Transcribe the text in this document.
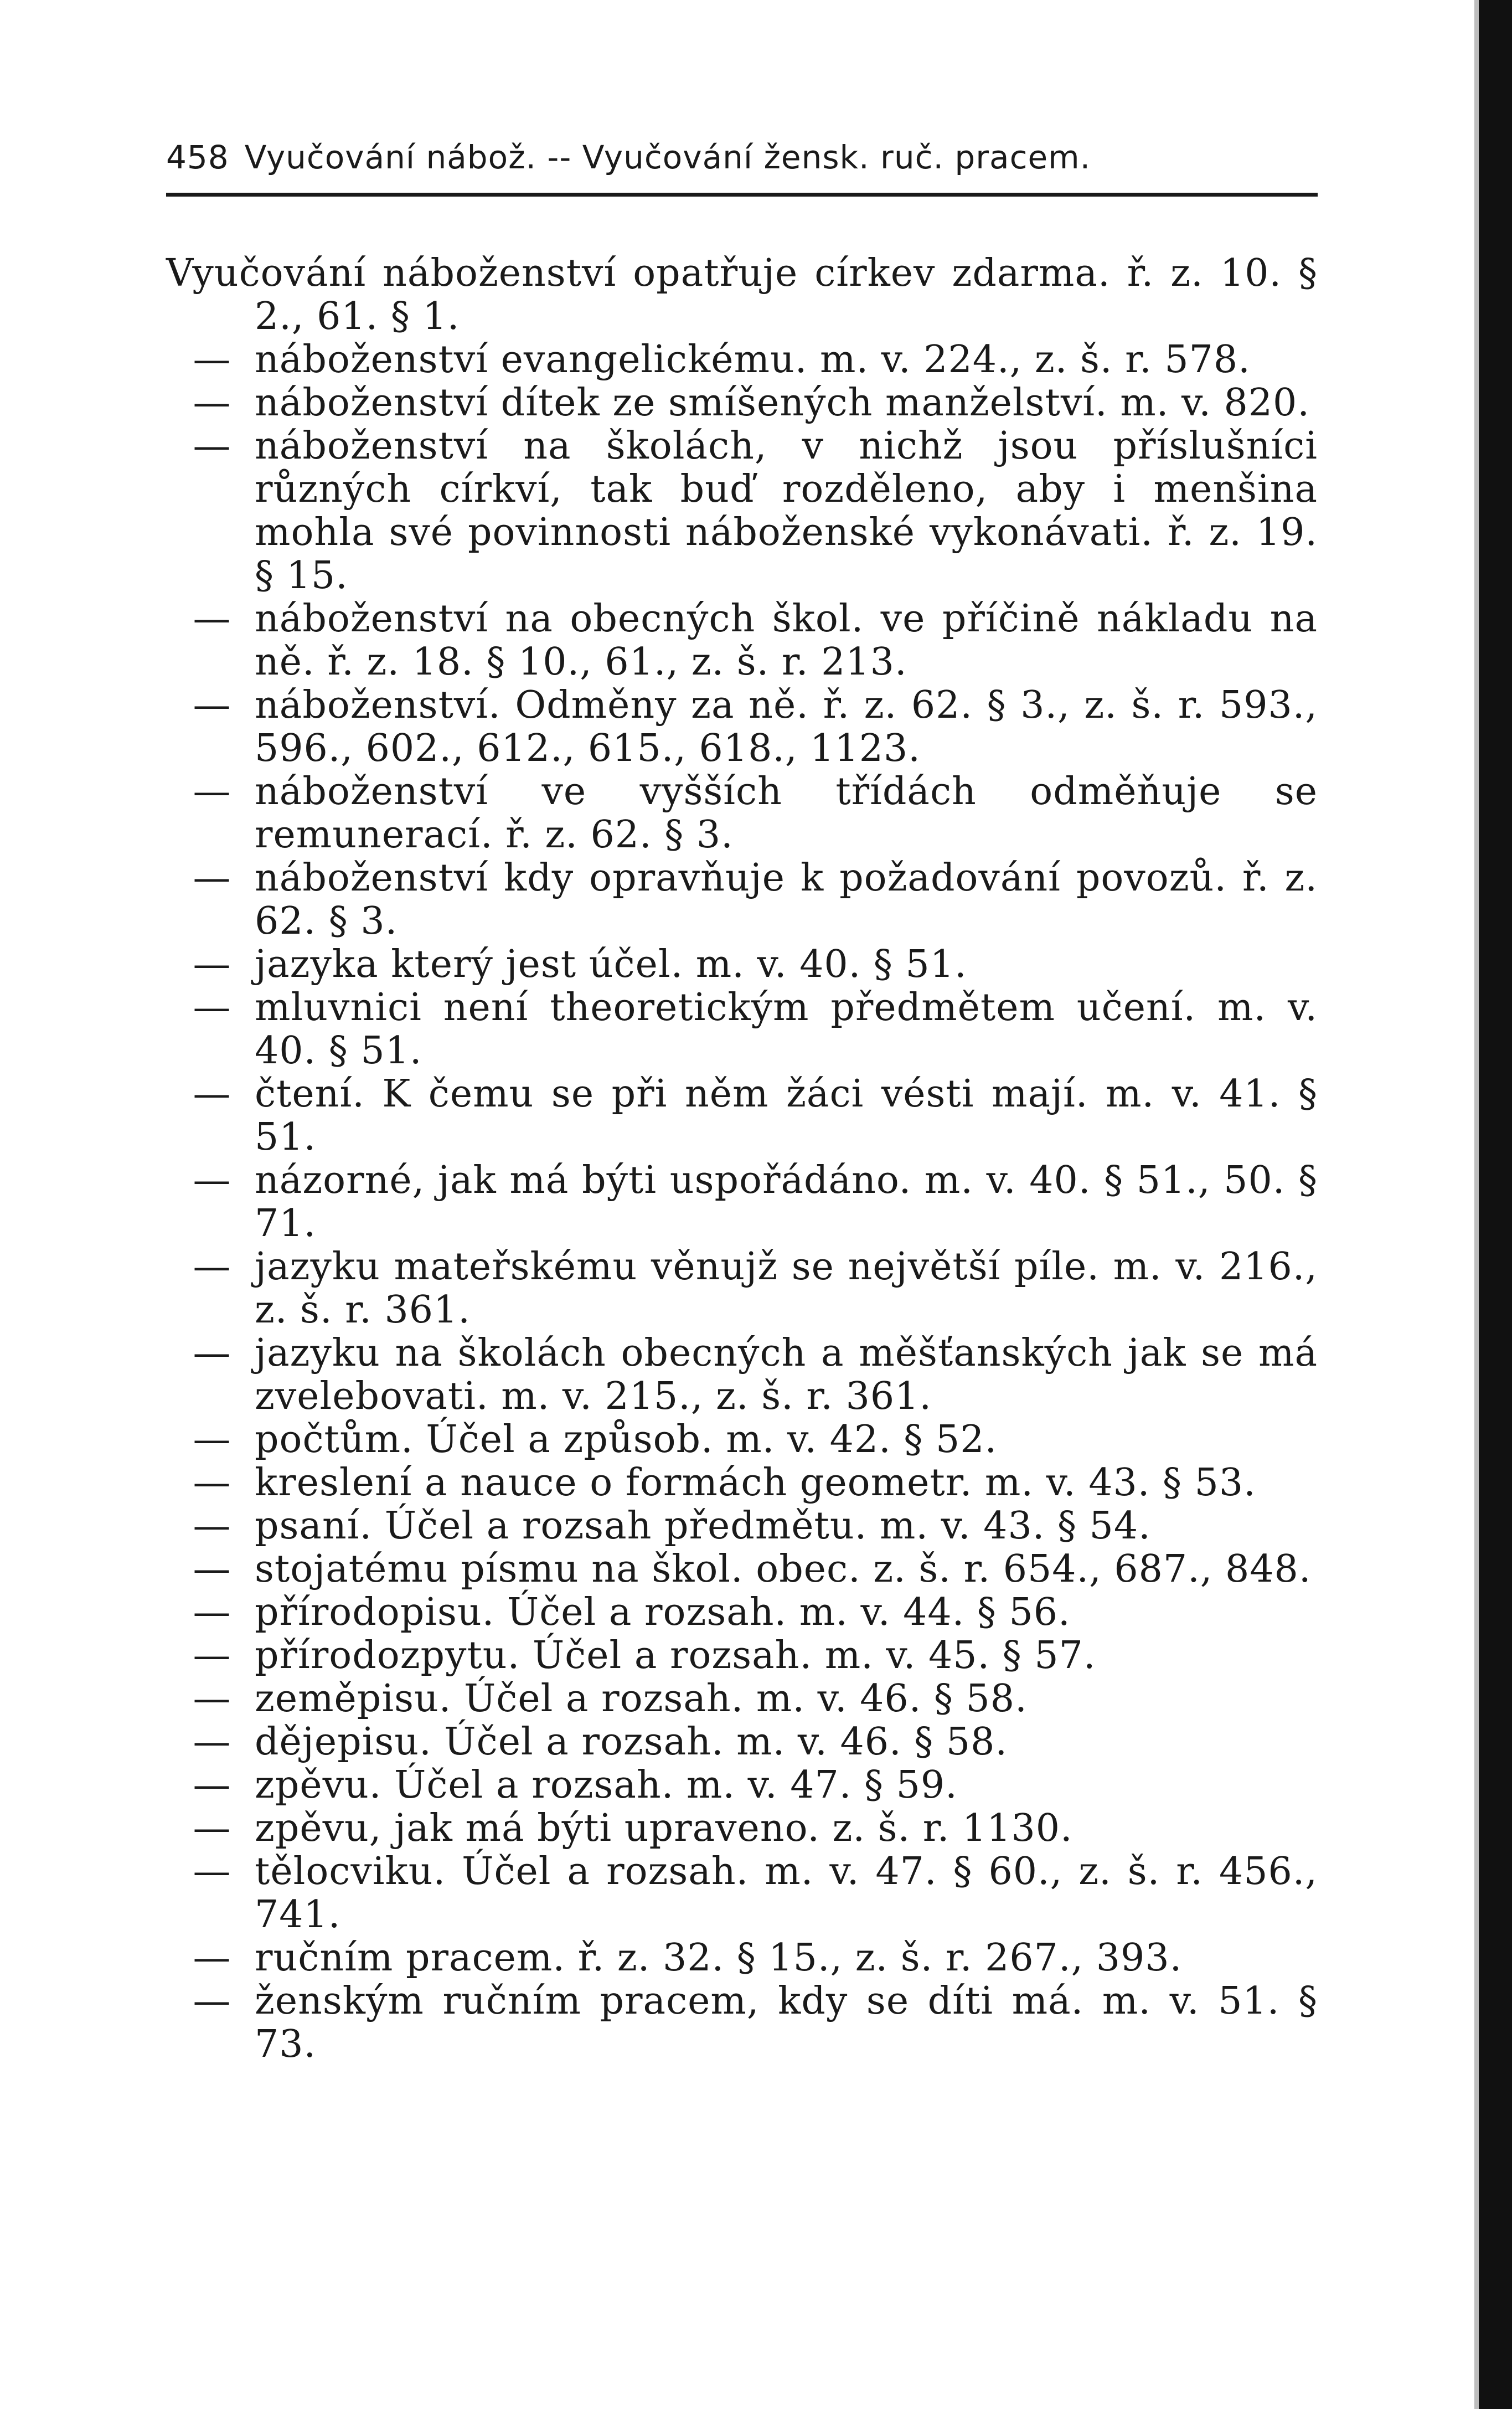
458 Vyučování nábož. -- Vyučování žensk. ruč. pracem.
Vyučování náboženství opatřuje církev zdarma. ř. z. 10. § 2., 61. § 1.
— náboženství evangelickému. m. v. 224., z. š. r. 578.
— náboženství dítek ze smíšených manželství. m. v. 820.
— náboženství na školách, v nichž jsou příslušníci různých církví, tak buď rozděleno, aby i menšina mohla své povinnosti náboženské vykonávati. ř. z. 19. § 15.
— náboženství na obecných škol. ve příčině nákladu na ně. ř. z. 18. § 10., 61., z. š. r. 213.
— náboženství. Odměny za ně. ř. z. 62. § 3., z. š. r. 593., 596., 602., 612., 615., 618., 1123.
— náboženství ve vyšších třídách odměňuje se remunerací. ř. z. 62. § 3.
— náboženství kdy opravňuje k požadování povozů. ř. z. 62. § 3.
— jazyka který jest účel. m. v. 40. § 51.
— mluvnici není theoretickým předmětem učení. m. v. 40. § 51.
— čtení. K čemu se při něm žáci vésti mají. m. v. 41. § 51.
— názorné, jak má býti uspořádáno. m. v. 40. § 51., 50. § 71.
— jazyku mateřskému věnujž se největší píle. m. v. 216., z. š. r. 361.
— jazyku na školách obecných a měšťanských jak se má zvelebovati. m. v. 215., z. š. r. 361.
— počtům. Účel a způsob. m. v. 42. § 52.
— kreslení a nauce o formách geometr. m. v. 43. § 53.
— psaní. Účel a rozsah předmětu. m. v. 43. § 54.
— stojatému písmu na škol. obec. z. š. r. 654., 687., 848.
— přírodopisu. Účel a rozsah. m. v. 44. § 56.
— přírodozpytu. Účel a rozsah. m. v. 45. § 57.
— zeměpisu. Účel a rozsah. m. v. 46. § 58.
— dějepisu. Účel a rozsah. m. v. 46. § 58.
— zpěvu. Účel a rozsah. m. v. 47. § 59.
— zpěvu, jak má býti upraveno. z. š. r. 1130.
— tělocviku. Účel a rozsah. m. v. 47. § 60., z. š. r. 456., 741.
— ručním pracem. ř. z. 32. § 15., z. š. r. 267., 393.
— ženským ručním pracem, kdy se díti má. m. v. 51. § 73.
